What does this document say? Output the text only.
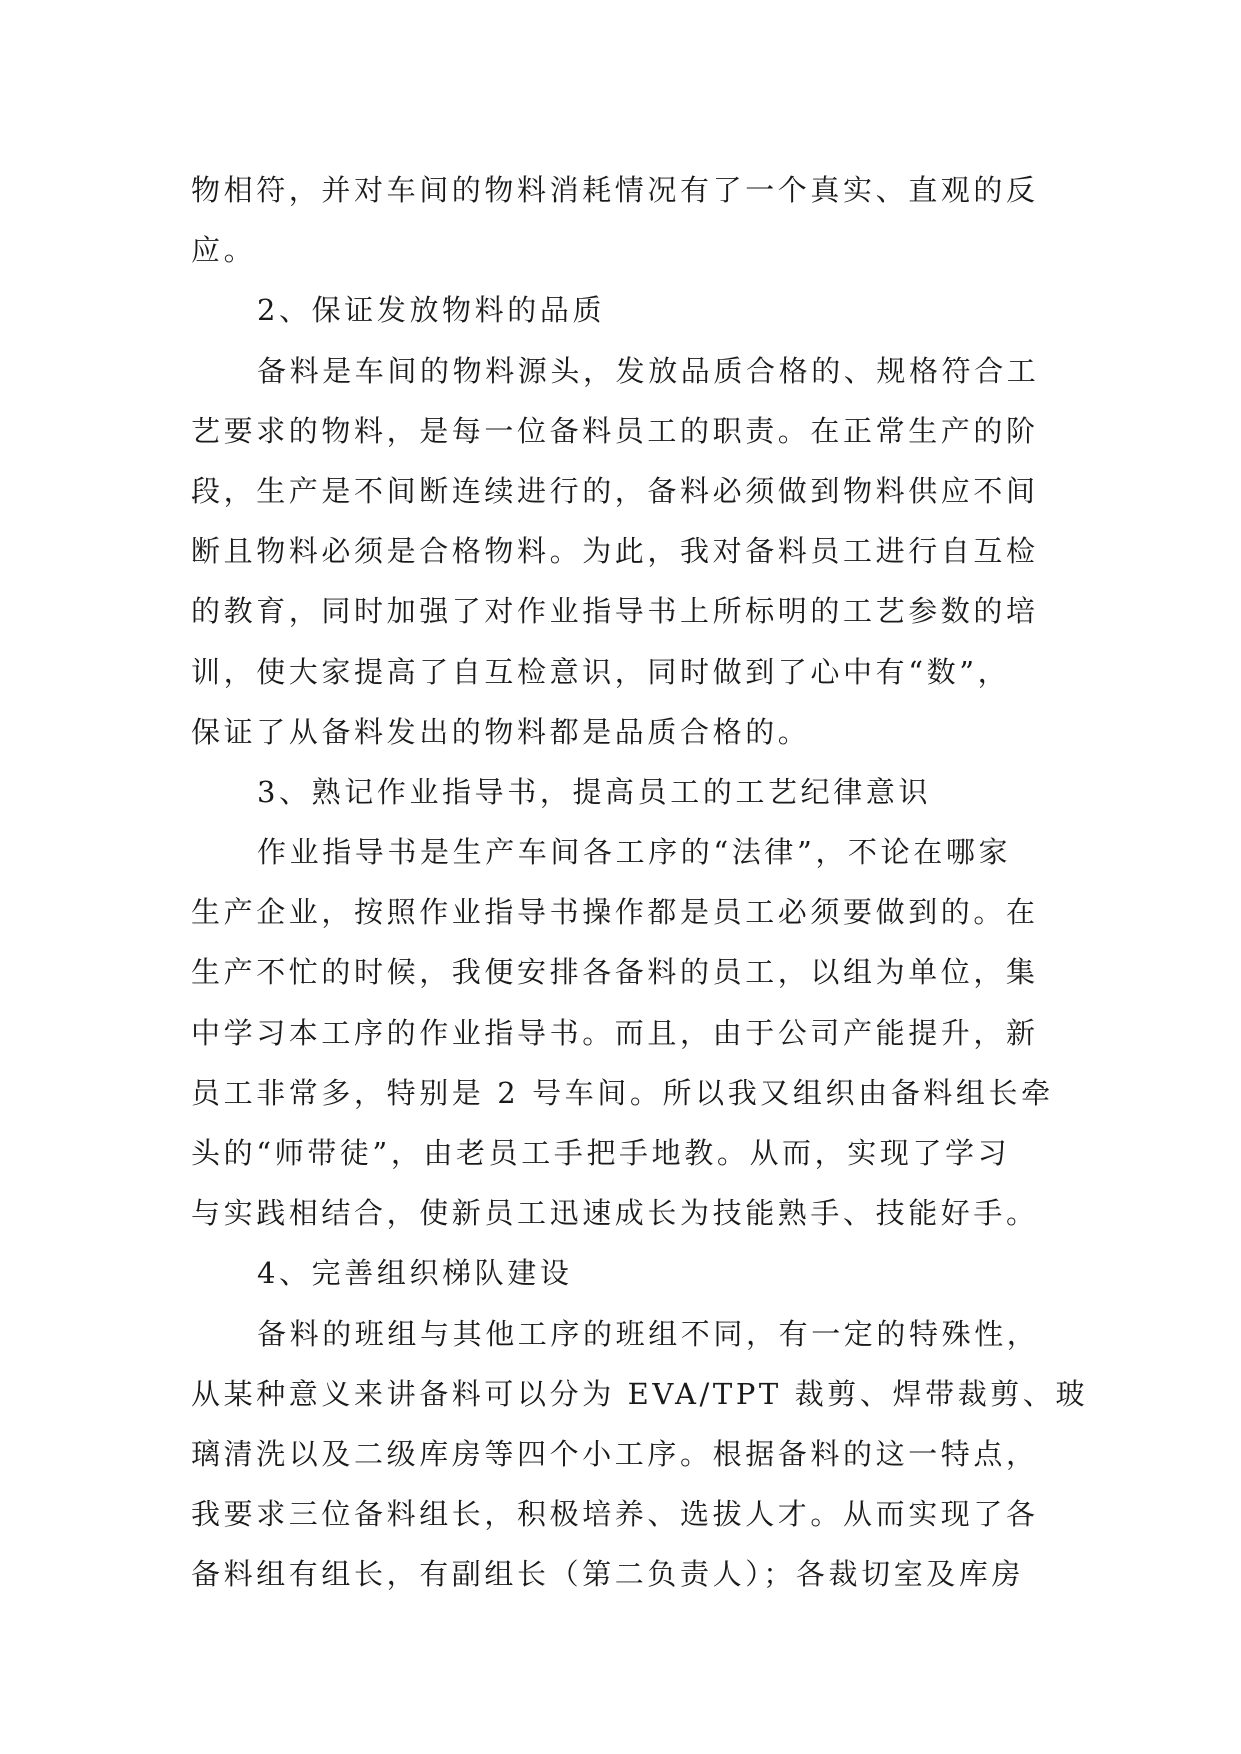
物相符，并对车间的物料消耗情况有了一个真实、直观的反
应。
2、保证发放物料的品质
备料是车间的物料源头，发放品质合格的、规格符合工
艺要求的物料，是每一位备料员工的职责。在正常生产的阶
段，生产是不间断连续进行的，备料必须做到物料供应不间
断且物料必须是合格物料。为此，我对备料员工进行自互检
的教育，同时加强了对作业指导书上所标明的工艺参数的培
训，使大家提高了自互检意识，同时做到了心中有“数”，
保证了从备料发出的物料都是品质合格的。
3、熟记作业指导书，提高员工的工艺纪律意识
作业指导书是生产车间各工序的“法律”，不论在哪家
生产企业，按照作业指导书操作都是员工必须要做到的。在
生产不忙的时候，我便安排各备料的员工，以组为单位，集
中学习本工序的作业指导书。而且，由于公司产能提升，新
员工非常多，特别是 2 号车间。所以我又组织由备料组长牵
头的“师带徒”，由老员工手把手地教。从而，实现了学习
与实践相结合，使新员工迅速成长为技能熟手、技能好手。
4、完善组织梯队建设
备料的班组与其他工序的班组不同，有一定的特殊性，
从某种意义来讲备料可以分为 EVA/TPT 裁剪、焊带裁剪、玻
璃清洗以及二级库房等四个小工序。根据备料的这一特点，
我要求三位备料组长，积极培养、选拔人才。从而实现了各
备料组有组长，有副组长（第二负责人）；各裁切室及库房
